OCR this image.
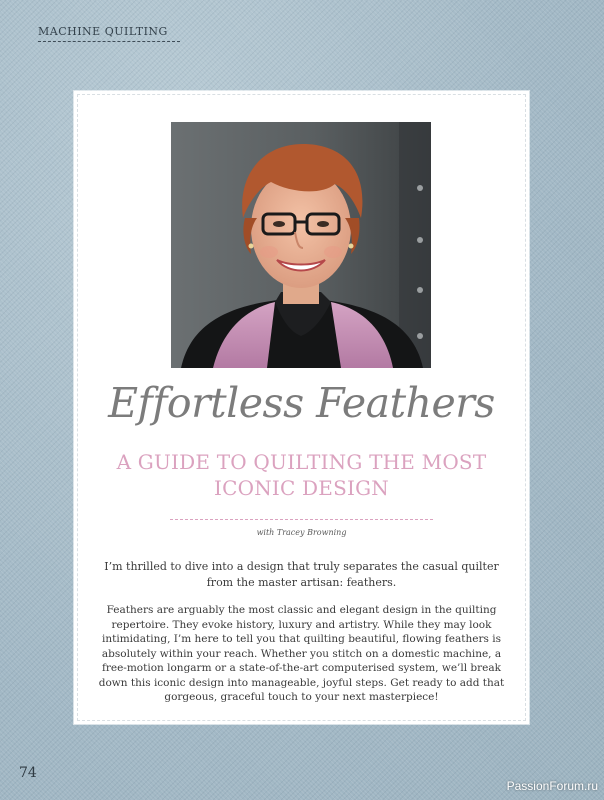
MACHINE QUILTING
Effortless Feathers
A GUIDE TO QUILTING THE MOST ICONIC DESIGN
with Tracey Browning
I’m thrilled to dive into a design that truly separates the casual quilter from the master artisan: feathers.
Feathers are arguably the most classic and elegant design in the quilting repertoire. They evoke history, luxury and artistry. While they may look intimidating, I’m here to tell you that quilting beautiful, flowing feathers is absolutely within your reach. Whether you stitch on a domestic machine, a free-motion longarm or a state-of-the-art computerised system, we’ll break down this iconic design into manageable, joyful steps. Get ready to add that gorgeous, graceful touch to your next masterpiece!
74
PassionForum.ru
